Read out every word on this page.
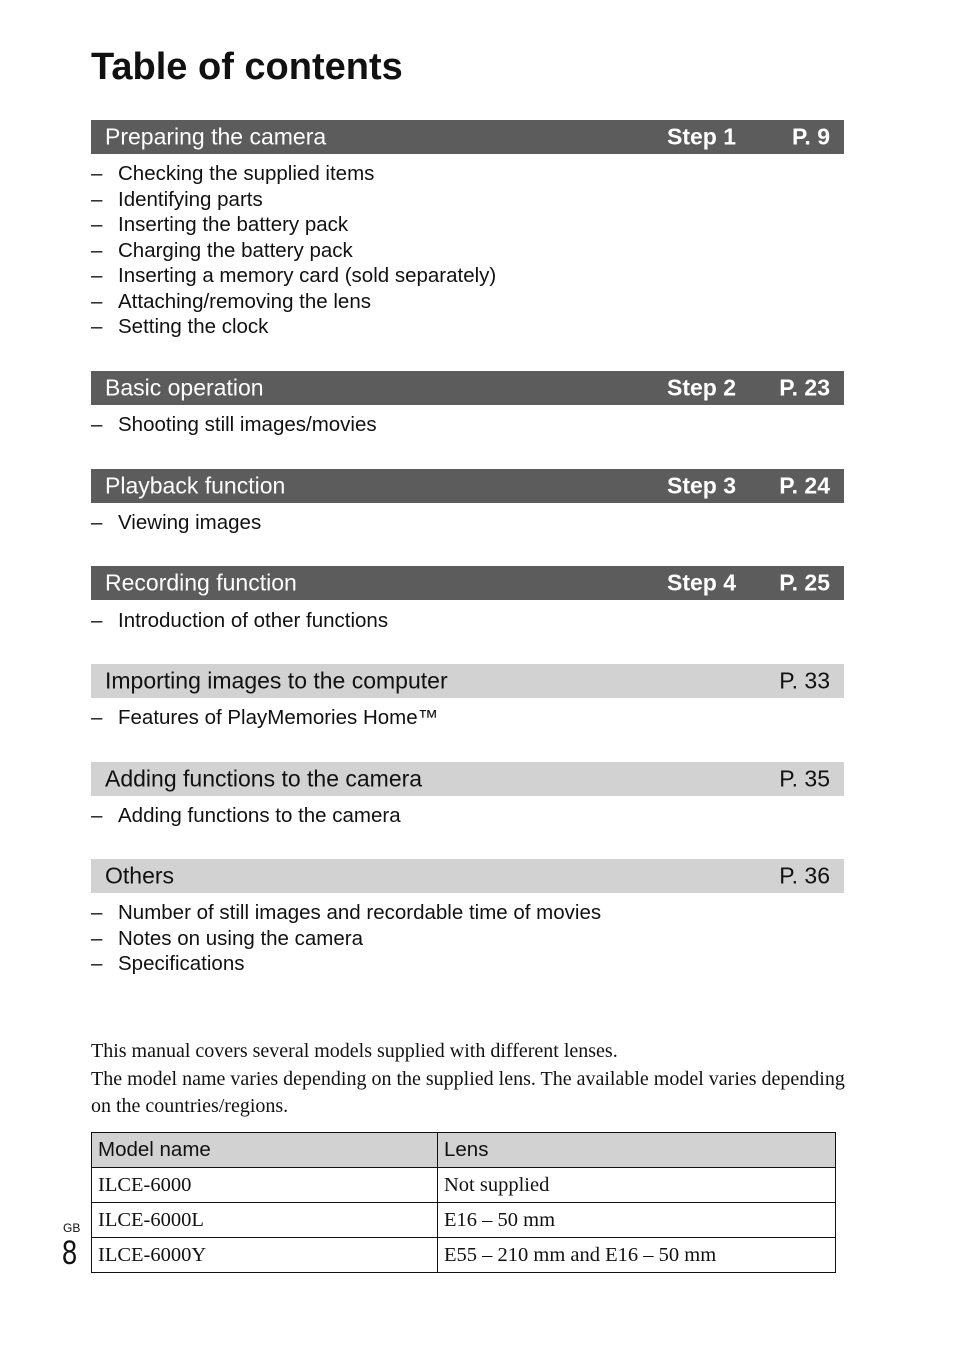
Table of contents
Preparing the camera	Step 1 P. 9
– Checking the supplied items
– Identifying parts
– Inserting the battery pack
– Charging the battery pack
– Inserting a memory card (sold separately)
– Attaching/removing the lens
– Setting the clock
Basic operation	Step 2 P. 23
– Shooting still images/movies
Playback function	Step 3 P. 24
– Viewing images
Recording function	Step 4 P. 25
– Introduction of other functions
Importing images to the computer	P. 33
– Features of PlayMemories Home™
Adding functions to the camera	P. 35
– Adding functions to the camera
Others	P. 36
– Number of still images and recordable time of movies
– Notes on using the camera
– Specifications

This manual covers several models supplied with different lenses.

The model name varies depending on the supplied lens. The available model varies depending on the countries/regions.

Model name	Lens
ILCE-6000	Not supplied
ILCE-6000L	E16 – 50 mm
ILCE-6000Y	E55 – 210 mm and E16 – 50 mm
GB
8
